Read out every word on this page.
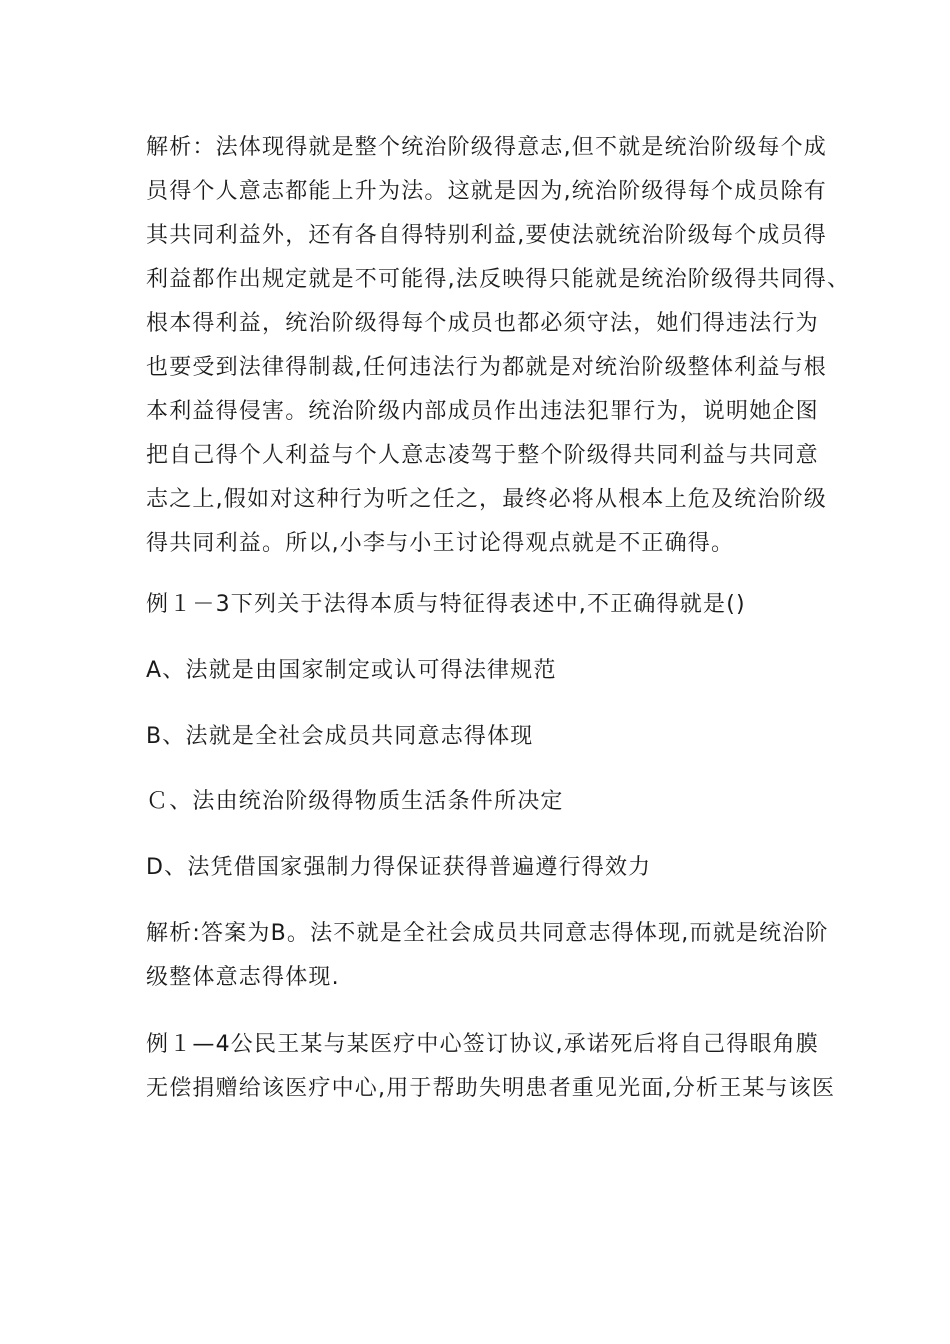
解析：法体现得就是整个统治阶级得意志,但不就是统治阶级每个成
员得个人意志都能上升为法。这就是因为,统治阶级得每个成员除有
其共同利益外，还有各自得特别利益,要使法就统治阶级每个成员得
利益都作出规定就是不可能得,法反映得只能就是统治阶级得共同得、
根本得利益，统治阶级得每个成员也都必须守法，她们得违法行为
也要受到法律得制裁,任何违法行为都就是对统治阶级整体利益与根
本利益得侵害。统治阶级内部成员作出违法犯罪行为，说明她企图
把自己得个人利益与个人意志凌驾于整个阶级得共同利益与共同意
志之上,假如对这种行为听之任之，最终必将从根本上危及统治阶级
得共同利益。所以,小李与小王讨论得观点就是不正确得。
例１－3下列关于法得本质与特征得表述中,不正确得就是()
A、法就是由国家制定或认可得法律规范
B、法就是全社会成员共同意志得体现
Ｃ、法由统治阶级得物质生活条件所决定
D、法凭借国家强制力得保证获得普遍遵行得效力
解析:答案为B。法不就是全社会成员共同意志得体现,而就是统治阶
级整体意志得体现.
例１—4公民王某与某医疗中心签订协议,承诺死后将自己得眼角膜
无偿捐赠给该医疗中心,用于帮助失明患者重见光面,分析王某与该医
